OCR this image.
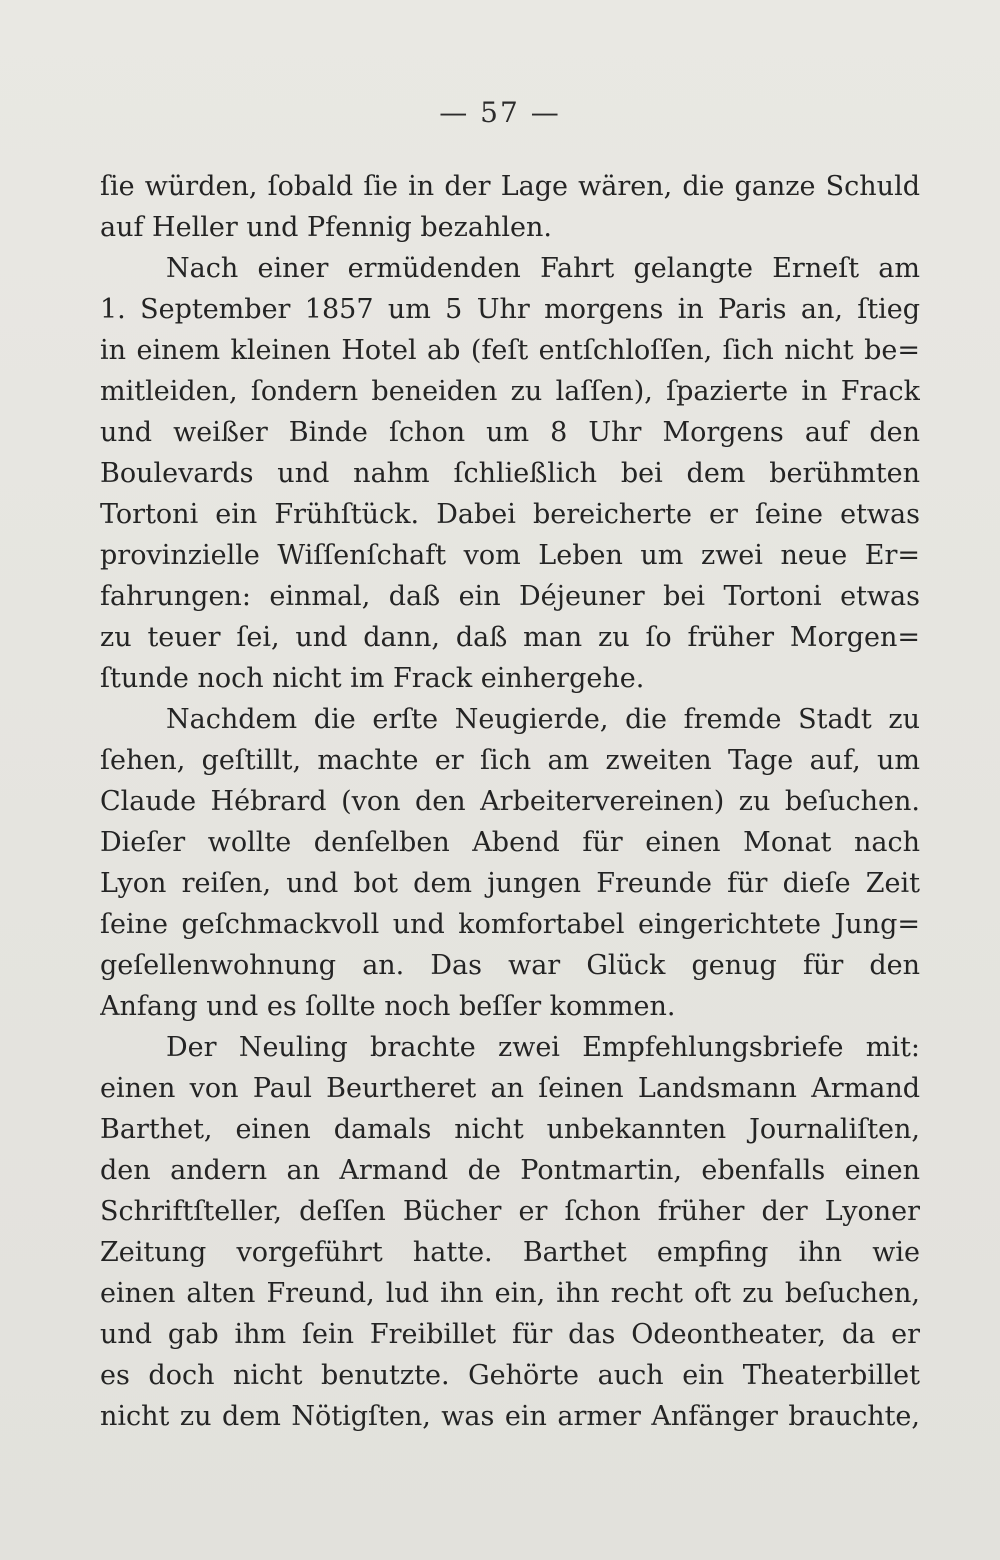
— 57 —
ſie würden, ſobald ſie in der Lage wären, die ganze Schuld
auf Heller und Pfennig bezahlen.
Nach einer ermüdenden Fahrt gelangte Erneſt am
1. September 1857 um 5 Uhr morgens in Paris an, ſtieg
in einem kleinen Hotel ab (feſt entſchloſſen, ſich nicht be=
mitleiden, ſondern beneiden zu laſſen), ſpazierte in Frack
und weißer Binde ſchon um 8 Uhr Morgens auf den
Boulevards und nahm ſchließlich bei dem berühmten
Tortoni ein Frühſtück. Dabei bereicherte er ſeine etwas
provinzielle Wiſſenſchaft vom Leben um zwei neue Er=
fahrungen: einmal, daß ein Déjeuner bei Tortoni etwas
zu teuer ſei, und dann, daß man zu ſo früher Morgen=
ſtunde noch nicht im Frack einhergehe.
Nachdem die erſte Neugierde, die fremde Stadt zu
ſehen, geſtillt, machte er ſich am zweiten Tage auf, um
Claude Hébrard (von den Arbeitervereinen) zu beſuchen.
Dieſer wollte denſelben Abend für einen Monat nach
Lyon reiſen, und bot dem jungen Freunde für dieſe Zeit
ſeine geſchmackvoll und komfortabel eingerichtete Jung=
geſellenwohnung an. Das war Glück genug für den
Anfang und es ſollte noch beſſer kommen.
Der Neuling brachte zwei Empfehlungsbriefe mit:
einen von Paul Beurtheret an ſeinen Landsmann Armand
Barthet, einen damals nicht unbekannten Journaliſten,
den andern an Armand de Pontmartin, ebenfalls einen
Schriftſteller, deſſen Bücher er ſchon früher der Lyoner
Zeitung vorgeführt hatte. Barthet empfing ihn wie
einen alten Freund, lud ihn ein, ihn recht oft zu beſuchen,
und gab ihm ſein Freibillet für das Odeontheater, da er
es doch nicht benutzte. Gehörte auch ein Theaterbillet
nicht zu dem Nötigſten, was ein armer Anfänger brauchte,
